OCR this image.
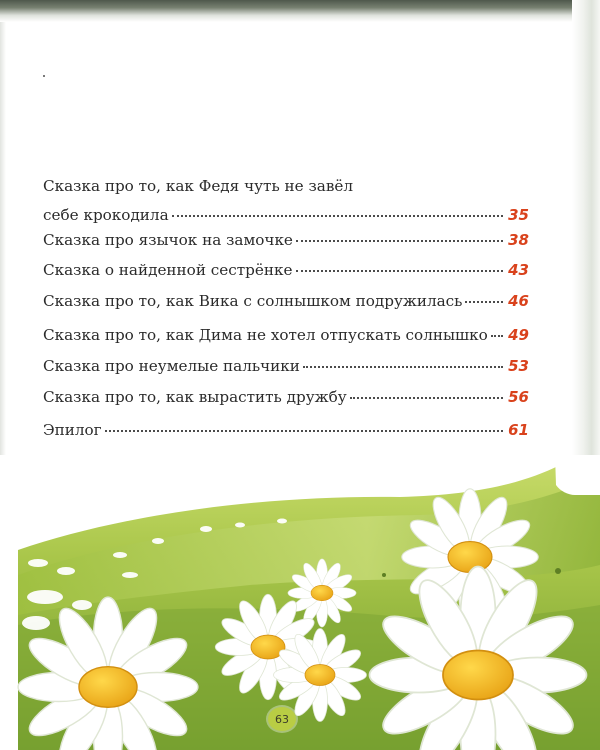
Сказка про то, как Федя чуть не завёл
себе крокодила	35
Сказка про язычок на замочке	38
Сказка о найденной сестрёнке	43
Сказка про то, как Вика с солнышком подружилась	46
Сказка про то, как Дима не хотел отпускать солнышко 49
Сказка про неумелые пальчики	53
Сказка про то, как вырастить дружбу	56
Эпилог	61
63
